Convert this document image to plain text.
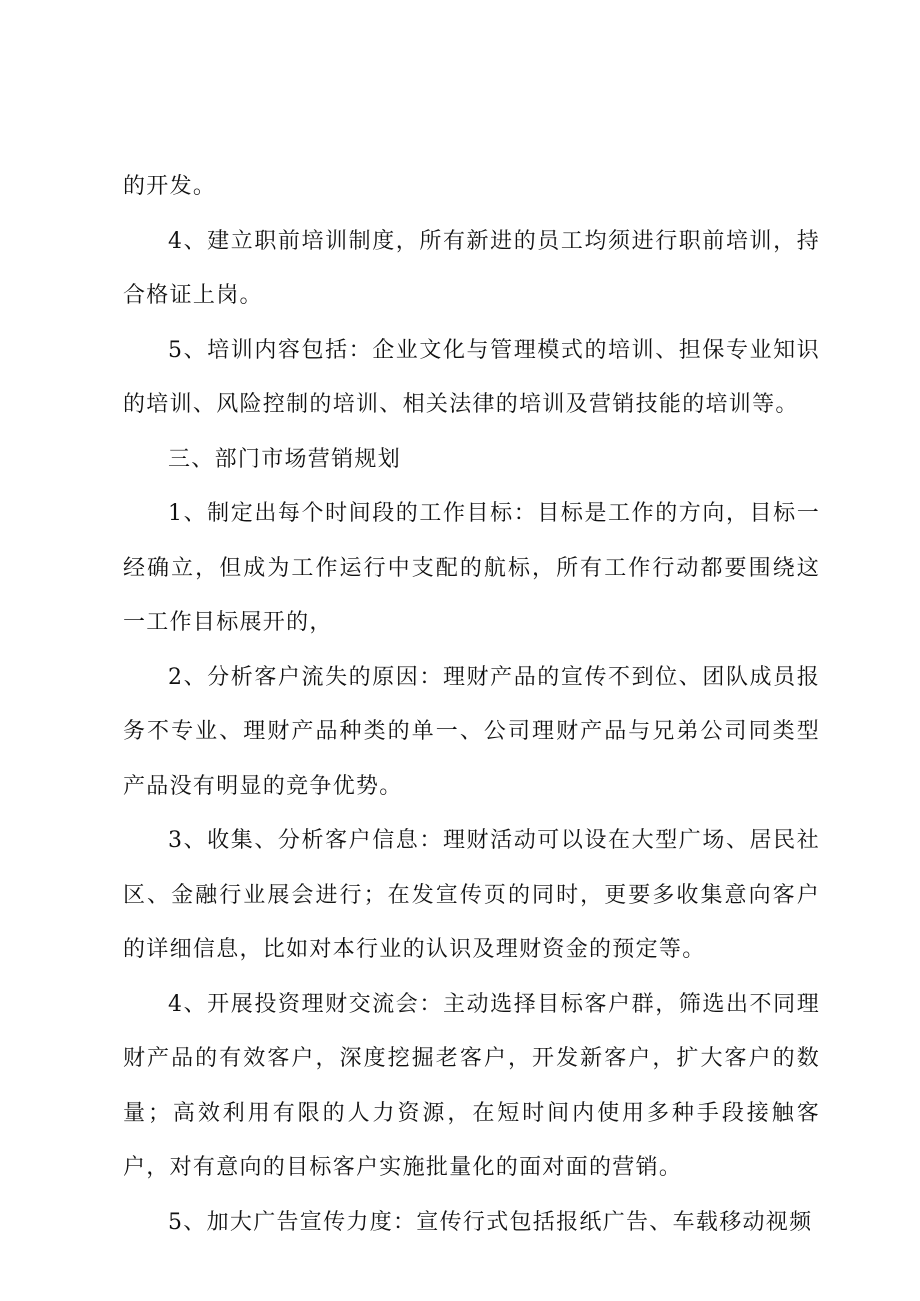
的开发。

4、建立职前培训制度，所有新进的员工均须进行职前培训，持合格证上岗。

5、培训内容包括：企业文化与管理模式的培训、担保专业知识的培训、风险控制的培训、相关法律的培训及营销技能的培训等。

三、部门市场营销规划

1、制定出每个时间段的工作目标：目标是工作的方向，目标一经确立，但成为工作运行中支配的航标，所有工作行动都要围绕这一工作目标展开的，

2、分析客户流失的原因：理财产品的宣传不到位、团队成员报务不专业、理财产品种类的单一、公司理财产品与兄弟公司同类型产品没有明显的竞争优势。

3、收集、分析客户信息：理财活动可以设在大型广场、居民社区、金融行业展会进行；在发宣传页的同时，更要多收集意向客户的详细信息，比如对本行业的认识及理财资金的预定等。

4、开展投资理财交流会：主动选择目标客户群，筛选出不同理财产品的有效客户，深度挖掘老客户，开发新客户，扩大客户的数量；高效利用有限的人力资源，在短时间内使用多种手段接触客户，对有意向的目标客户实施批量化的面对面的营销。

5、加大广告宣传力度：宣传行式包括报纸广告、车载移动视频
